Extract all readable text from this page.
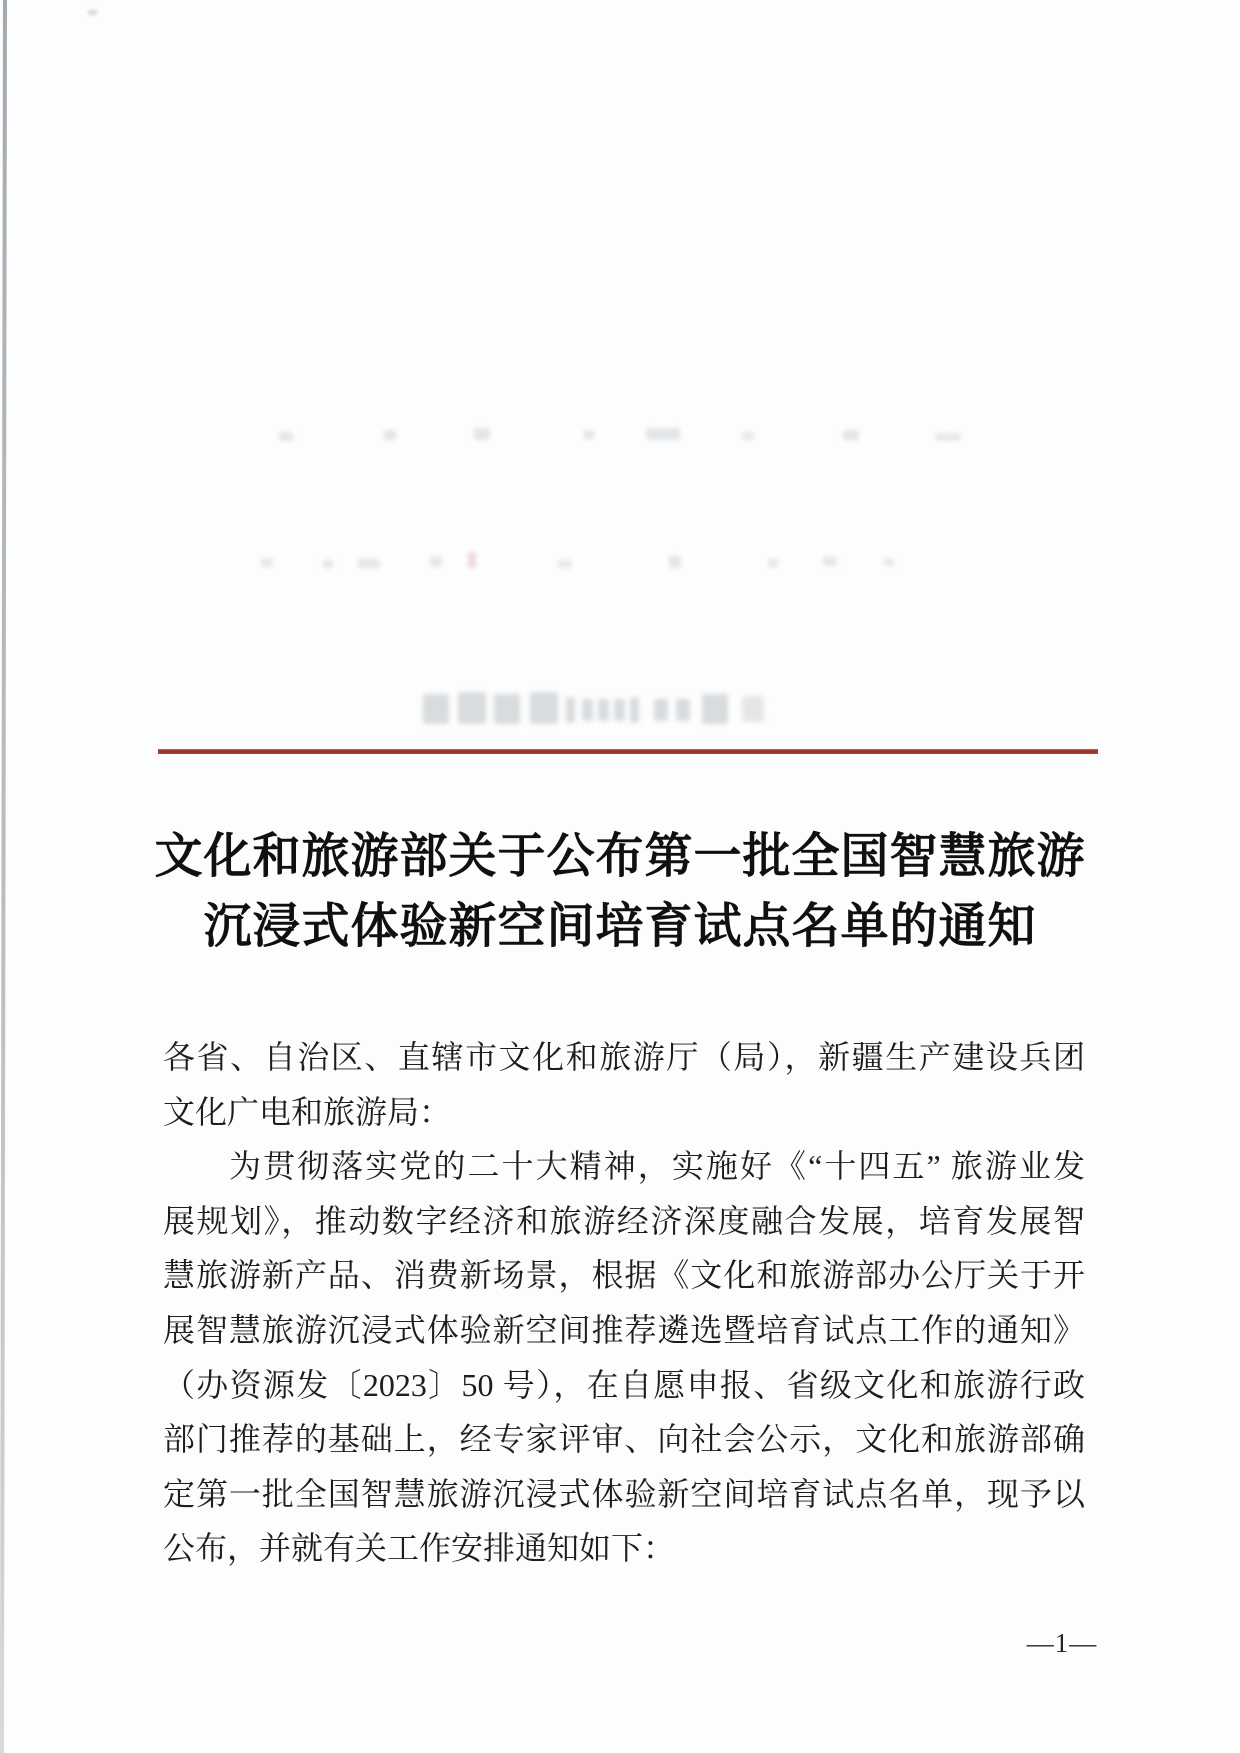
文化和旅游部关于公布第一批全国智慧旅游
沉浸式体验新空间培育试点名单的通知
各省、自治区、直辖市文化和旅游厅（局），新疆生产建设兵团
文化广电和旅游局：
为贯彻落实党的二十大精神，实施好《“十四五” 旅游业发
展规划》，推动数字经济和旅游经济深度融合发展，培育发展智
慧旅游新产品、消费新场景，根据《文化和旅游部办公厅关于开
展智慧旅游沉浸式体验新空间推荐遴选暨培育试点工作的通知》
（办资源发〔2023〕50 号），在自愿申报、省级文化和旅游行政
部门推荐的基础上，经专家评审、向社会公示，文化和旅游部确
定第一批全国智慧旅游沉浸式体验新空间培育试点名单，现予以
公布，并就有关工作安排通知如下：
—1—
